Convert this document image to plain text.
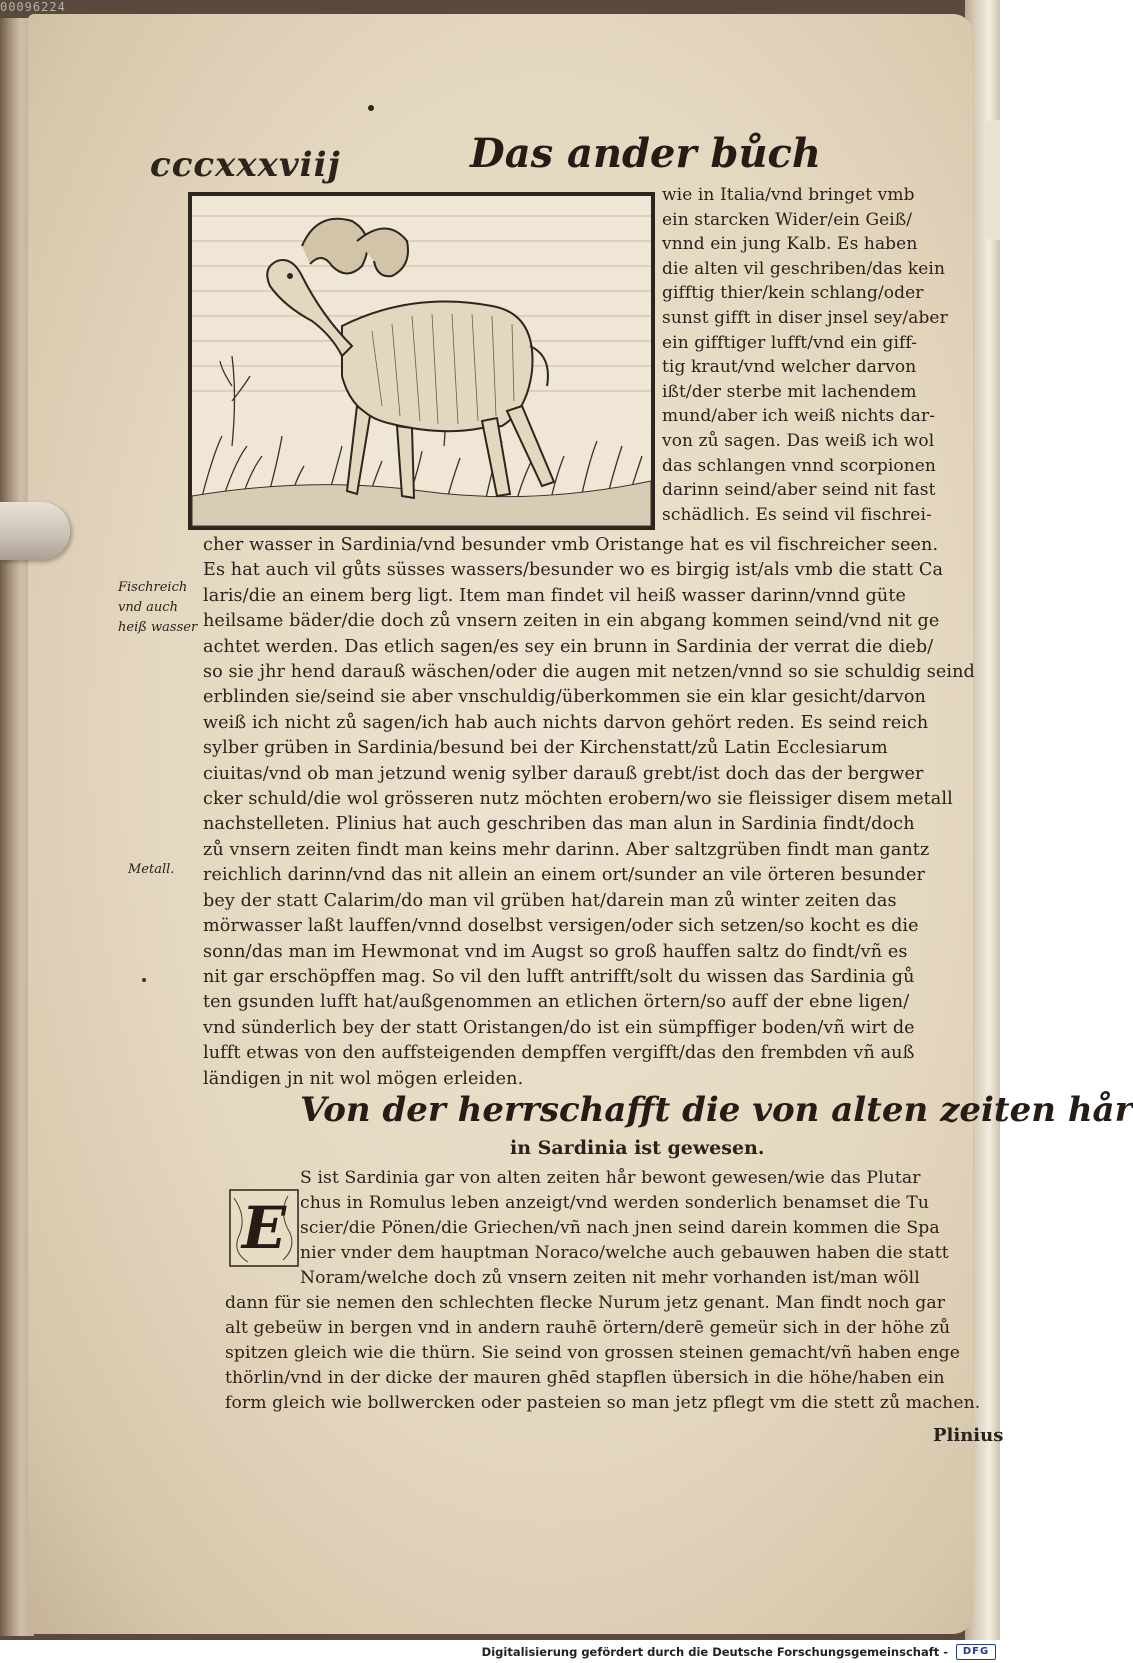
00096224
cccxxxviij	Das ander bůch
wie in Italia/vnd bringet vmb
ein starcken Wider/ein Geiß/
vnnd ein jung Kalb. Es haben
die alten vil geschriben/das kein
gifftig thier/kein schlang/oder
sunst gifft in diser jnsel sey/aber
ein gifftiger lufft/vnd ein giff-
tig kraut/vnd welcher darvon
ißt/der sterbe mit lachendem
mund/aber ich weiß nichts dar-
von zů sagen. Das weiß ich wol
das schlangen vnnd scorpionen
darinn seind/aber seind nit fast
schädlich. Es seind vil fischrei-
Fischreich
vnd auch
heiß wasser
Metall.
cher wasser in Sardinia/vnd besunder vmb Oristange hat es vil fischreicher seen.
Es hat auch vil gůts süsses wassers/besunder wo es birgig ist/als vmb die statt Ca
laris/die an einem berg ligt. Item man findet vil heiß wasser darinn/vnnd güte
heilsame bäder/die doch zů vnsern zeiten in ein abgang kommen seind/vnd nit ge
achtet werden. Das etlich sagen/es sey ein brunn in Sardinia der verrat die dieb/
so sie jhr hend darauß wäschen/oder die augen mit netzen/vnnd so sie schuldig seind
erblinden sie/seind sie aber vnschuldig/überkommen sie ein klar gesicht/darvon
weiß ich nicht zů sagen/ich hab auch nichts darvon gehört reden. Es seind reich
sylber grüben in Sardinia/besund bei der Kirchenstatt/zů Latin Ecclesiarum
ciuitas/vnd ob man jetzund wenig sylber darauß grebt/ist doch das der bergwer
cker schuld/die wol grösseren nutz möchten erobern/wo sie fleissiger disem metall
nachstelleten. Plinius hat auch geschriben das man alun in Sardinia findt/doch
zů vnsern zeiten findt man keins mehr darinn. Aber saltzgrüben findt man gantz
reichlich darinn/vnd das nit allein an einem ort/sunder an vile örteren besunder
bey der statt Calarim/do man vil grüben hat/darein man zů winter zeiten das
mörwasser laßt lauffen/vnnd doselbst versigen/oder sich setzen/so kocht es die
sonn/das man im Hewmonat vnd im Augst so groß hauffen saltz do findt/vñ es
nit gar erschöpffen mag. So vil den lufft antrifft/solt du wissen das Sardinia gů
ten gsunden lufft hat/außgenommen an etlichen örtern/so auff der ebne ligen/
vnd sünderlich bey der statt Oristangen/do ist ein sümpffiger boden/vñ wirt de
lufft etwas von den auffsteigenden dempffen vergifft/das den frembden vñ auß
ländigen jn nit wol mögen erleiden.
Von der herrschafft die von alten zeiten hår
in Sardinia ist gewesen.
E
S ist Sardinia gar von alten zeiten hår bewont gewesen/wie das Plutar
chus in Romulus leben anzeigt/vnd werden sonderlich benamset die Tu
scier/die Pönen/die Griechen/vñ nach jnen seind darein kommen die Spa
nier vnder dem hauptman Noraco/welche auch gebauwen haben die statt
Noram/welche doch zů vnsern zeiten nit mehr vorhanden ist/man wöll
dann für sie nemen den schlechten flecke Nurum jetz genant. Man findt noch gar
alt gebeüw in bergen vnd in andern rauhē örtern/derē gemeür sich in der höhe zů
spitzen gleich wie die thürn. Sie seind von grossen steinen gemacht/vñ haben enge
thörlin/vnd in der dicke der mauren ghēd stapflen übersich in die höhe/haben ein
form gleich wie bollwercken oder pasteien so man jetz pflegt vm die stett zů machen.
Plinius
Digitalisierung gefördert durch die Deutsche Forschungsgemeinschaft -	DFG
